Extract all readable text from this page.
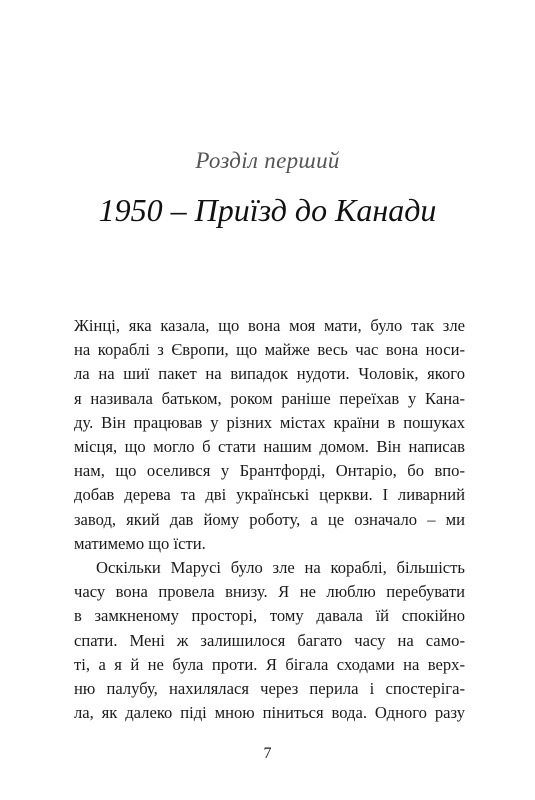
Розділ перший
1950 – Приїзд до Канади
Жінці, яка казала, що вона моя мати, було так зле
на кораблі з Європи, що майже весь час вона носи-
ла на шиї пакет на випадок нудоти. Чоловік, якого
я називала батьком, роком раніше переїхав у Кана-
ду. Він працював у різних містах країни в пошуках
місця, що могло б стати нашим домом. Він написав
нам, що оселився у Брантфорді, Онтаріо, бо впо-
добав дерева та дві українські церкви. І ливарний
завод, який дав йому роботу, а це означало – ми
матимемо що їсти.
Оскільки Марусі було зле на кораблі, більшість
часу вона провела внизу. Я не люблю перебувати
в замкненому просторі, тому давала їй спокійно
спати. Мені ж залишилося багато часу на само-
ті, а я й не була проти. Я бігала сходами на верх-
ню палубу, нахилялася через перила і спостеріга-
ла, як далеко піді мною піниться вода. Одного разу
7
